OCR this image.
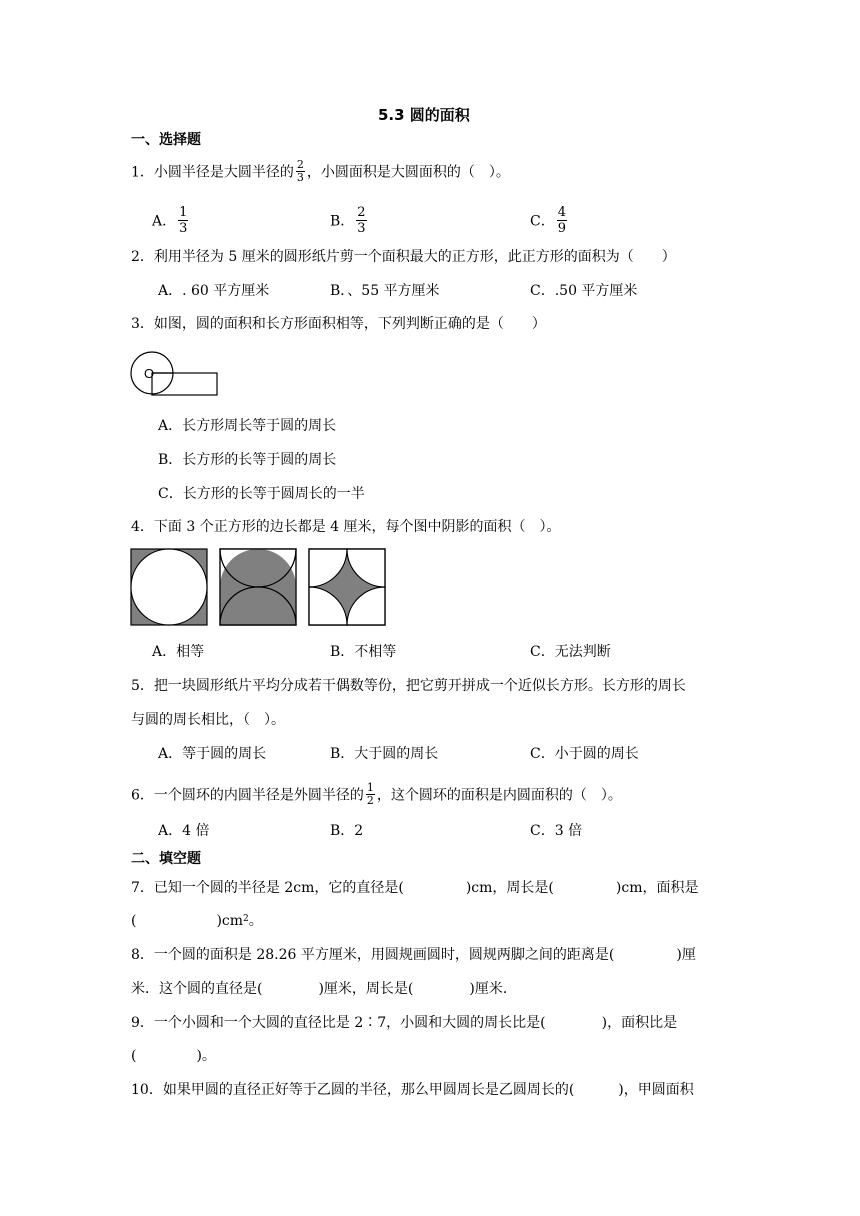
5.3 圆的面积
一、选择题
1．小圆半径是大圆半径的 $\frac{2}{3}$ ，小圆面积是大圆面积的（　）。
A． $\frac{1}{3}$	B． $\frac{2}{3}$	C． $\frac{4}{9}$
2．利用半径为 5 厘米的圆形纸片剪一个面积最大的正方形，此正方形的面积为（　　）
A．. 60 平方厘米	B．、55 平方厘米	C．.50 平方厘米
3．如图，圆的面积和长方形面积相等，下列判断正确的是（　　）
O
A．长方形周长等于圆的周长
B．长方形的长等于圆的周长
C．长方形的长等于圆周长的一半
4．下面 3 个正方形的边长都是 4 厘米，每个图中阴影的面积（　）。
A．相等	B．不相等	C．无法判断
5．把一块圆形纸片平均分成若干偶数等份，把它剪开拼成一个近似长方形。长方形的周长
与圆的周长相比，（　）。
A．等于圆的周长	B．大于圆的周长	C．小于圆的周长
6．一个圆环的内圆半径是外圆半径的 $\frac{1}{2}$ ，这个圆环的面积是内圆面积的（　）。
A．4 倍	B．2	C．3 倍
二、填空题
7．已知一个圆的半径是 2cm，它的直径是(	)cm，周长是(	)cm，面积是
(	)$cm^2$。
8．一个圆的面积是 28.26 平方厘米，用圆规画圆时，圆规两脚之间的距离是(	)厘
米．这个圆的直径是(	)厘米，周长是(	)厘米．
9．一个小圆和一个大圆的直径比是 2∶7，小圆和大圆的周长比是(	)，面积比是
(	)。
10．如果甲圆的直径正好等于乙圆的半径，那么甲圆周长是乙圆周长的(	)，甲圆面积
